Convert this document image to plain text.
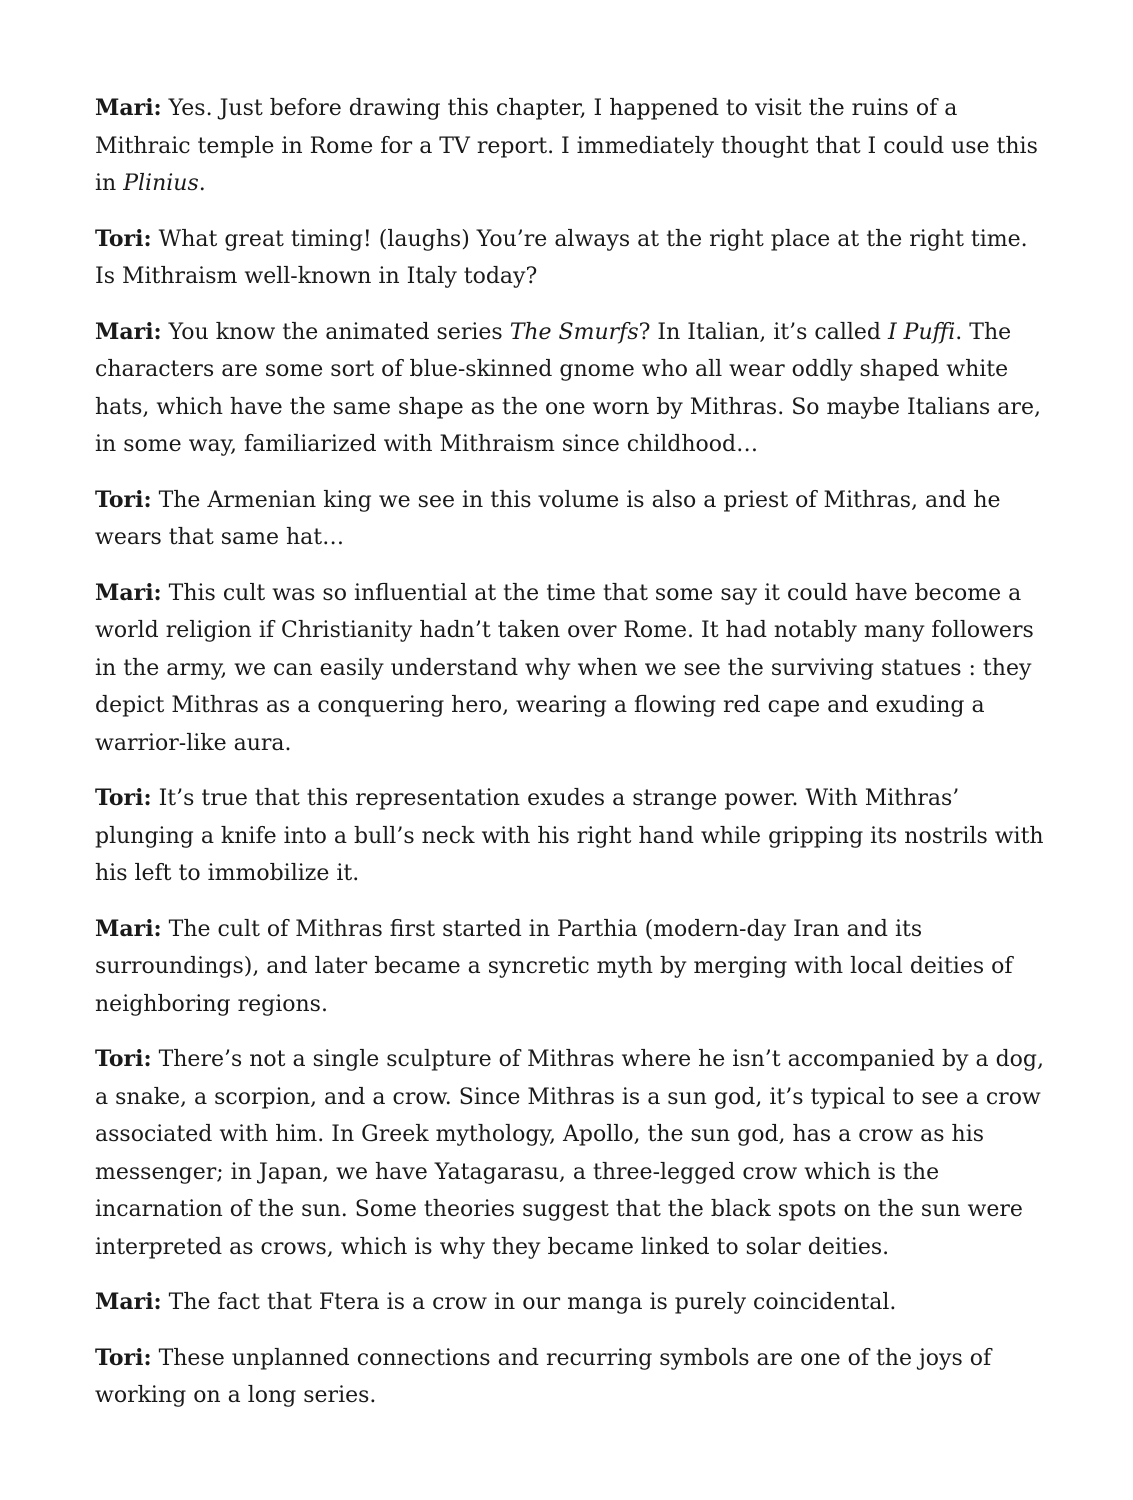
Mari: Yes. Just before drawing this chapter, I happened to visit the ruins of a Mithraic temple in Rome for a TV report. I immediately thought that I could use this in Plinius.

Tori: What great timing! (laughs) You’re always at the right place at the right time. Is Mithraism well-known in Italy today?

Mari: You know the animated series The Smurfs? In Italian, it’s called I Puffi. The characters are some sort of blue-skinned gnome who all wear oddly shaped white hats, which have the same shape as the one worn by Mithras. So maybe Italians are, in some way, familiarized with Mithraism since childhood…

Tori: The Armenian king we see in this volume is also a priest of Mithras, and he wears that same hat…

Mari: This cult was so influential at the time that some say it could have become a world religion if Christianity hadn’t taken over Rome. It had notably many followers in the army, we can easily understand why when we see the surviving statues : they depict Mithras as a conquering hero, wearing a flowing red cape and exuding a warrior-like aura.

Tori: It’s true that this representation exudes a strange power. With Mithras’ plunging a knife into a bull’s neck with his right hand while gripping its nostrils with his left to immobilize it.

Mari: The cult of Mithras first started in Parthia (modern-day Iran and its surroundings), and later became a syncretic myth by merging with local deities of neighboring regions.

Tori: There’s not a single sculpture of Mithras where he isn’t accompanied by a dog, a snake, a scorpion, and a crow. Since Mithras is a sun god, it’s typical to see a crow associated with him. In Greek mythology, Apollo, the sun god, has a crow as his messenger; in Japan, we have Yatagarasu, a three-legged crow which is the incarnation of the sun. Some theories suggest that the black spots on the sun were interpreted as crows, which is why they became linked to solar deities.

Mari: The fact that Ftera is a crow in our manga is purely coincidental.

Tori: These unplanned connections and recurring symbols are one of the joys of working on a long series.
